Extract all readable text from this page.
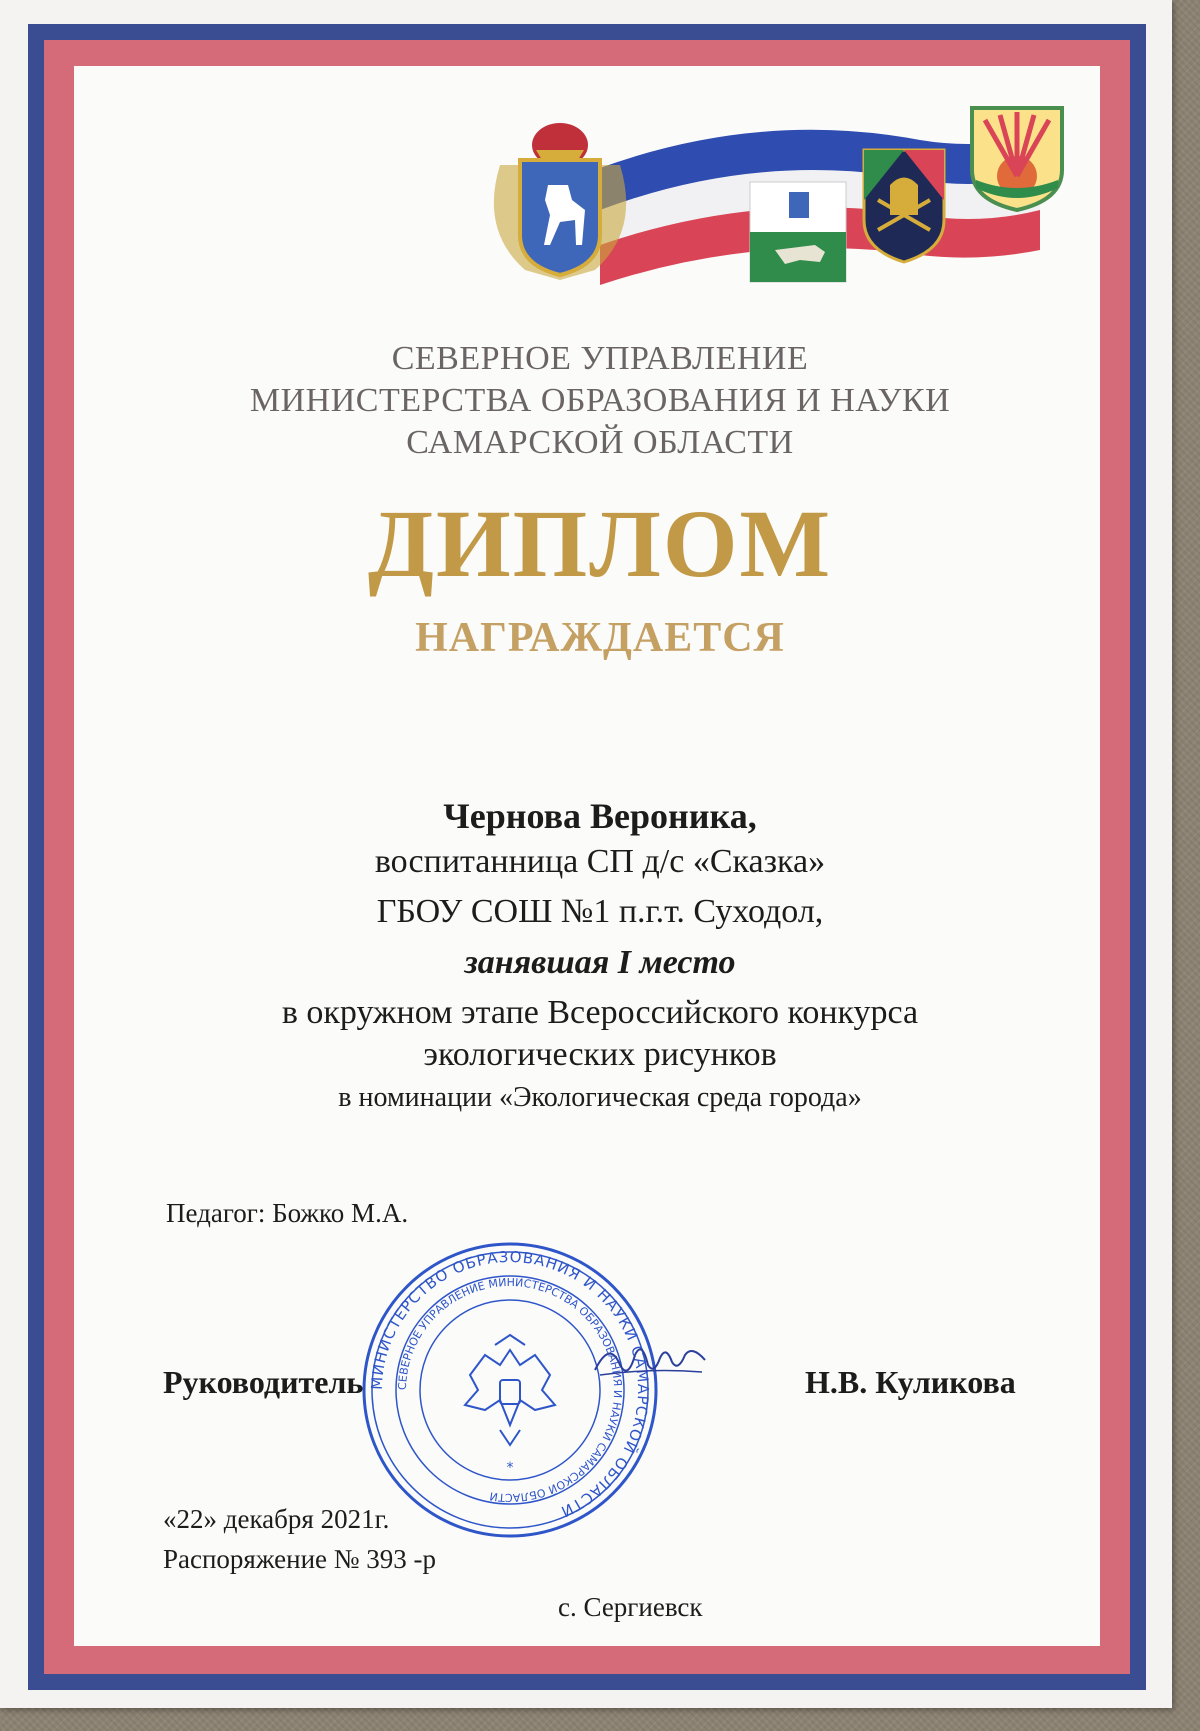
СЕВЕРНОЕ УПРАВЛЕНИЕ
МИНИСТЕРСТВА ОБРАЗОВАНИЯ И НАУКИ
САМАРСКОЙ ОБЛАСТИ
ДИПЛОМ
НАГРАЖДАЕТСЯ
Чернова Вероника,
воспитанница СП д/с «Сказка»
ГБОУ СОШ №1 п.г.т. Суходол,
занявшая I место
в окружном этапе Всероссийского конкурса
экологических рисунков
в номинации «Экологическая среда города»
Педагог: Божко М.А.
МИНИСТЕРСТВО ОБРАЗОВАНИЯ И НАУКИ САМАРСКОЙ ОБЛАСТИ
СЕВЕРНОЕ УПРАВЛЕНИЕ МИНИСТЕРСТВА ОБРАЗОВАНИЯ И НАУКИ САМАРСКОЙ ОБЛАСТИ
*
Руководитель	Н.В. Куликова
«22» декабря 2021г.
Распоряжение № 393 -р
с. Сергиевск
